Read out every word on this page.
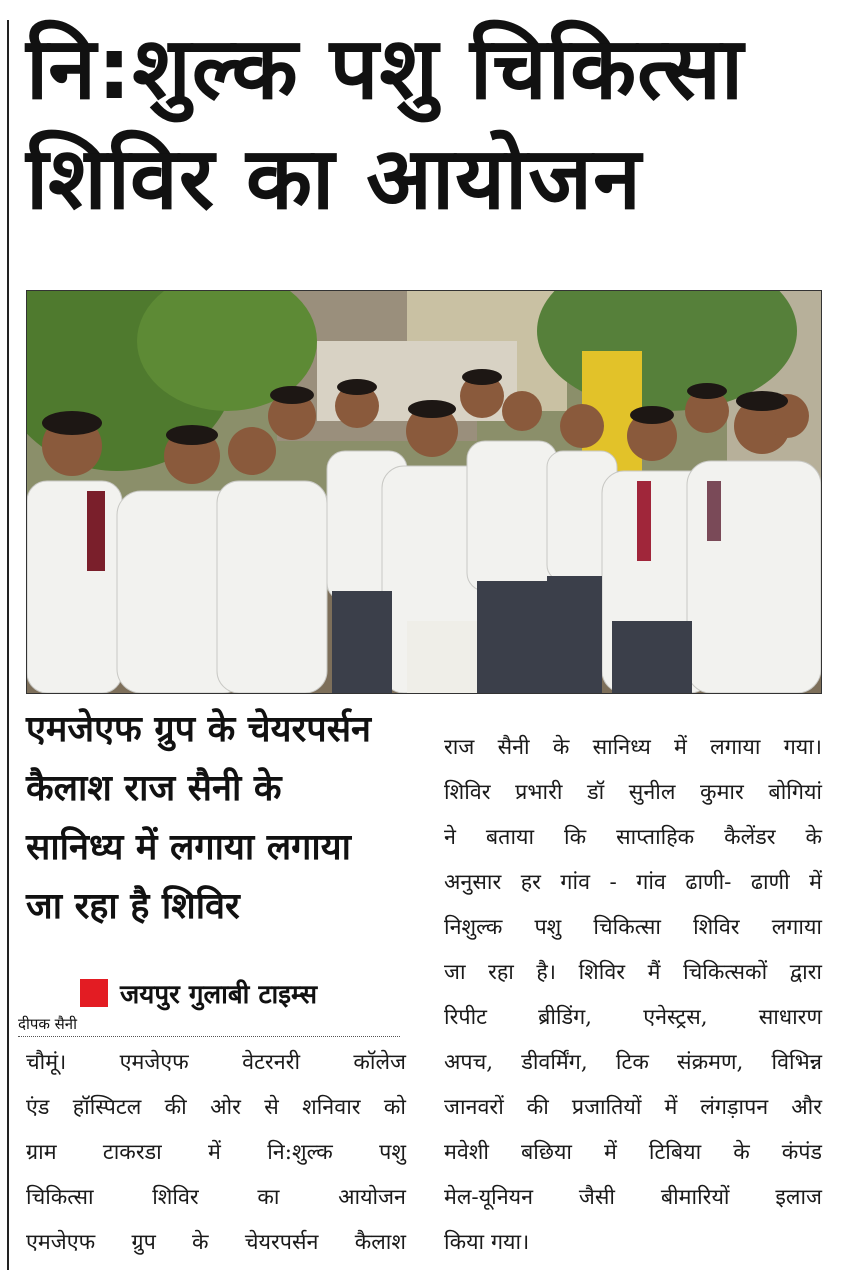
नि:शुल्क पशु चिकित्सा
शिविर का आयोजन
एमजेएफ ग्रुप के चेयरपर्सन
कैलाश राज सैनी के
सानिध्य में लगाया लगाया
जा रहा है शिविर
जयपुर गुलाबी टाइम्स
दीपक सैनी
चौमूं। एमजेएफ वेटरनरी कॉलेज
एंड हॉस्पिटल की ओर से शनिवार को
ग्राम टाकरडा में नि:शुल्क पशु
चिकित्सा शिविर का आयोजन
एमजेएफ ग्रुप के चेयरपर्सन कैलाश
राज सैनी के सानिध्य में लगाया गया।
शिविर प्रभारी डॉ सुनील कुमार बोगियां
ने बताया कि साप्ताहिक कैलेंडर के
अनुसार हर गांव - गांव ढाणी- ढाणी में
निशुल्क पशु चिकित्सा शिविर लगाया
जा रहा है। शिविर मैं चिकित्सकों द्वारा
रिपीट ब्रीडिंग, एनेस्ट्रस, साधारण
अपच, डीवर्मिंग, टिक संक्रमण, विभिन्न
जानवरों की प्रजातियों में लंगड़ापन और
मवेशी बछिया में टिबिया के कंपंड
मेल-यूनियन जैसी बीमारियों इलाज
किया गया।
